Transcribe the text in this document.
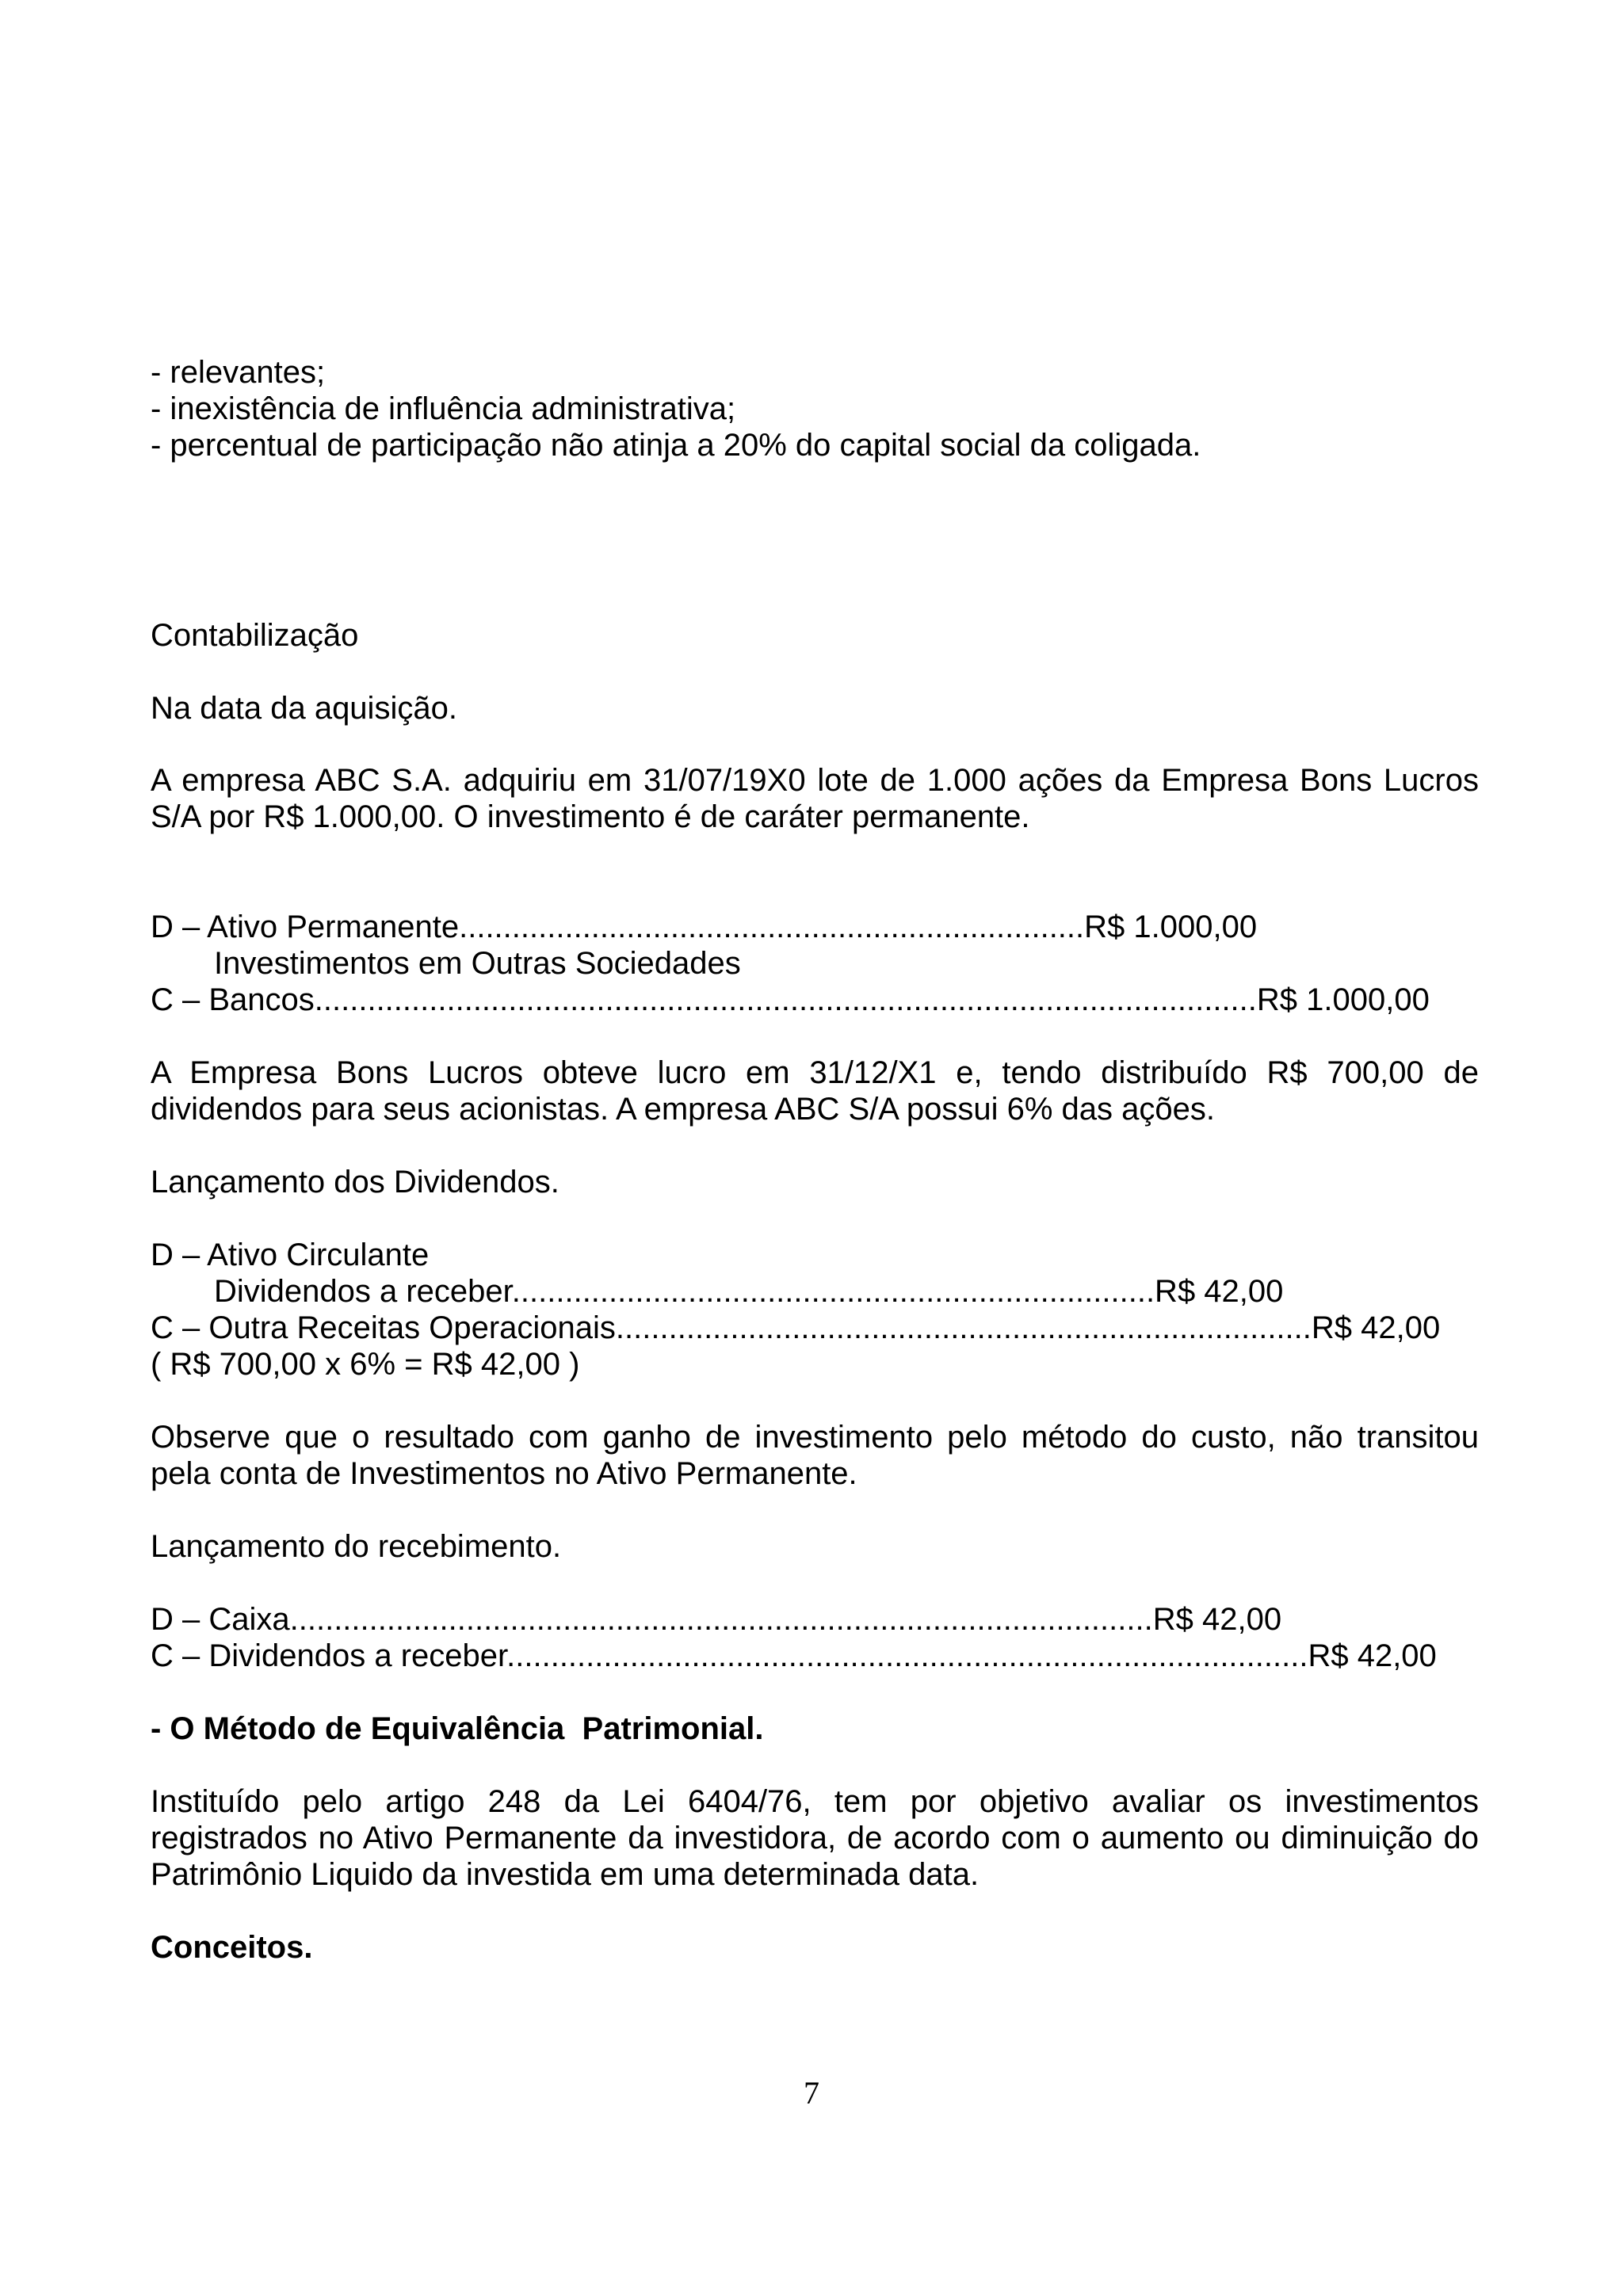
- relevantes;
- inexistência de influência administrativa;
- percentual de participação não atinja a 20% do capital social da coligada.
Contabilização
Na data da aquisição.
A empresa ABC S.A. adquiriu em 31/07/19X0 lote de 1.000 ações da Empresa Bons Lucros
S/A por R$ 1.000,00. O investimento é de caráter permanente.
D – Ativo Permanente.......................................................................R$ 1.000,00
Investimentos em Outras Sociedades
C – Bancos...........................................................................................................R$ 1.000,00
A Empresa Bons Lucros obteve lucro em 31/12/X1 e, tendo distribuído R$ 700,00 de
dividendos para seus acionistas. A empresa ABC S/A possui 6% das ações.
Lançamento dos Dividendos.
D – Ativo Circulante
Dividendos a receber.........................................................................R$ 42,00
C – Outra Receitas Operacionais...............................................................................R$ 42,00
( R$ 700,00 x 6% = R$ 42,00 )
Observe que o resultado com ganho de investimento pelo método do custo, não transitou
pela conta de Investimentos no Ativo Permanente.
Lançamento do recebimento.
D – Caixa..................................................................................................R$ 42,00
C – Dividendos a receber...........................................................................................R$ 42,00
- O Método de Equivalência  Patrimonial.
Instituído pelo artigo 248 da Lei 6404/76, tem por objetivo avaliar os investimentos
registrados no Ativo Permanente da investidora, de acordo com o aumento ou diminuição do
Patrimônio Liquido da investida em uma determinada data.
Conceitos.
7
